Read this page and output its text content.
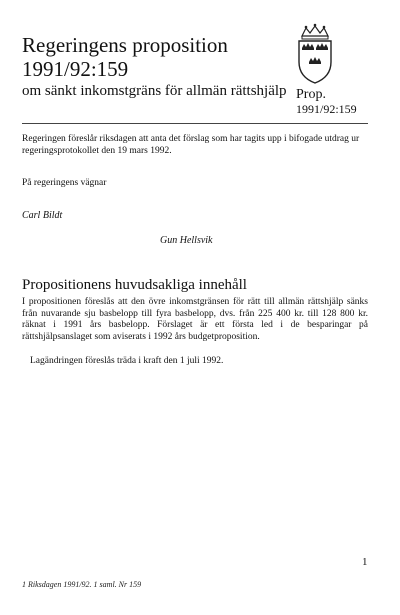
Regeringens proposition
1991/92:159
om sänkt inkomstgräns för allmän rättshjälp Prop.
1991/92:159

Regeringen föreslår riksdagen att anta det förslag som har tagits upp i bifogade utdrag ur regeringsprotokollet den 19 mars 1992.

På regeringens vägnar
Carl Bildt
Gun Hellsvik
Propositionens huvudsakliga innehåll

I propositionen föreslås att den övre inkomstgränsen för rätt till allmän rättshjälp sänks från nuvarande sju basbelopp till fyra basbelopp, dvs. från 225 400 kr. till 128 800 kr. räknat i 1991 års basbelopp. Förslaget är ett första led i de besparingar på rättshjälpsanslaget som aviserats i 1992 års budgetproposition.

Lagändringen föreslås träda i kraft den 1 juli 1992.

1
1 Riksdagen 1991/92. 1 saml. Nr 159
